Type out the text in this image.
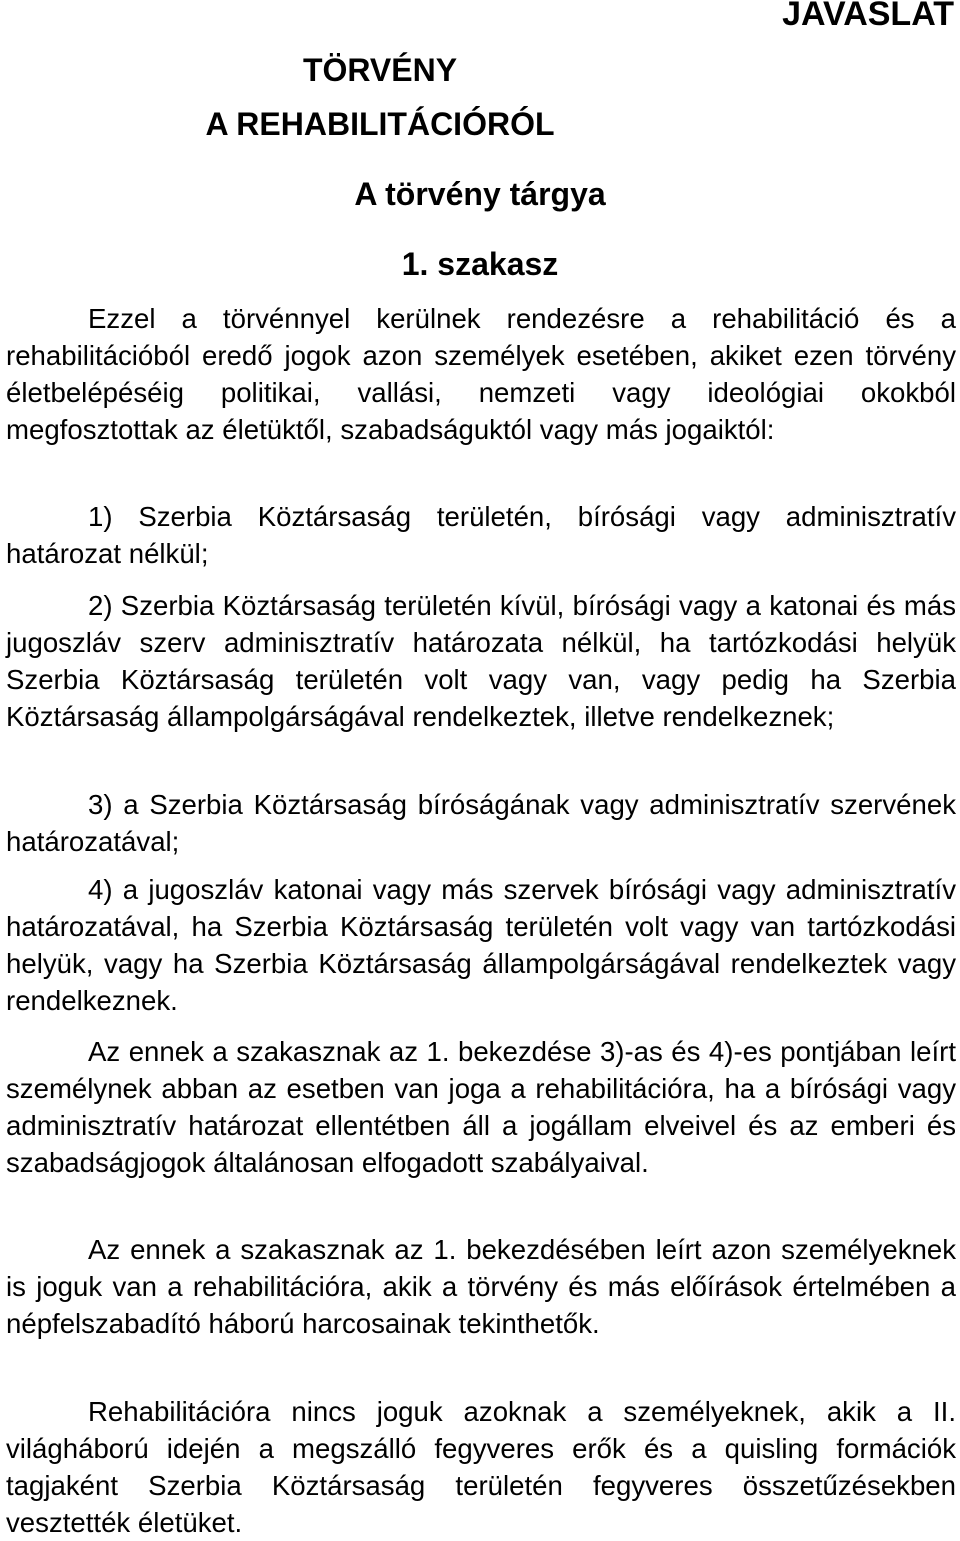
JAVASLAT
TÖRVÉNY
A REHABILITÁCIÓRÓL
A törvény tárgya
1. szakasz

Ezzel a törvénnyel kerülnek rendezésre a rehabilitáció és a rehabilitációból eredő jogok azon személyek esetében, akiket ezen törvény életbelépéséig politikai, vallási, nemzeti vagy ideológiai okokból megfosztottak az életüktől, szabadságuktól vagy más jogaiktól:

1) Szerbia Köztársaság területén, bírósági vagy adminisztratív határozat nélkül;

2) Szerbia Köztársaság területén kívül, bírósági vagy a katonai és más jugoszláv szerv adminisztratív határozata nélkül, ha tartózkodási helyük Szerbia Köztársaság területén volt vagy van, vagy pedig ha Szerbia Köztársaság állampolgárságával rendelkeztek, illetve rendelkeznek;

3) a Szerbia Köztársaság bíróságának vagy adminisztratív szervének határozatával;

4) a jugoszláv katonai vagy más szervek bírósági vagy adminisztratív határozatával, ha Szerbia Köztársaság területén volt vagy van tartózkodási helyük, vagy ha Szerbia Köztársaság állampolgárságával rendelkeztek vagy rendelkeznek.

Az ennek a szakasznak az 1. bekezdése 3)-as és 4)-es pontjában leírt személynek abban az esetben van joga a rehabilitációra, ha a bírósági vagy adminisztratív határozat ellentétben áll a jogállam elveivel és az emberi és szabadságjogok általánosan elfogadott szabályaival.

Az ennek a szakasznak az 1. bekezdésében leírt azon személyeknek is joguk van a rehabilitációra, akik a törvény és más előírások értelmében a népfelszabadító háború harcosainak tekinthetők.

Rehabilitációra nincs joguk azoknak a személyeknek, akik a II. világháború idején a megszálló fegyveres erők és a quisling formációk tagjaként Szerbia Köztársaság területén fegyveres összetűzésekben vesztették életüket.
